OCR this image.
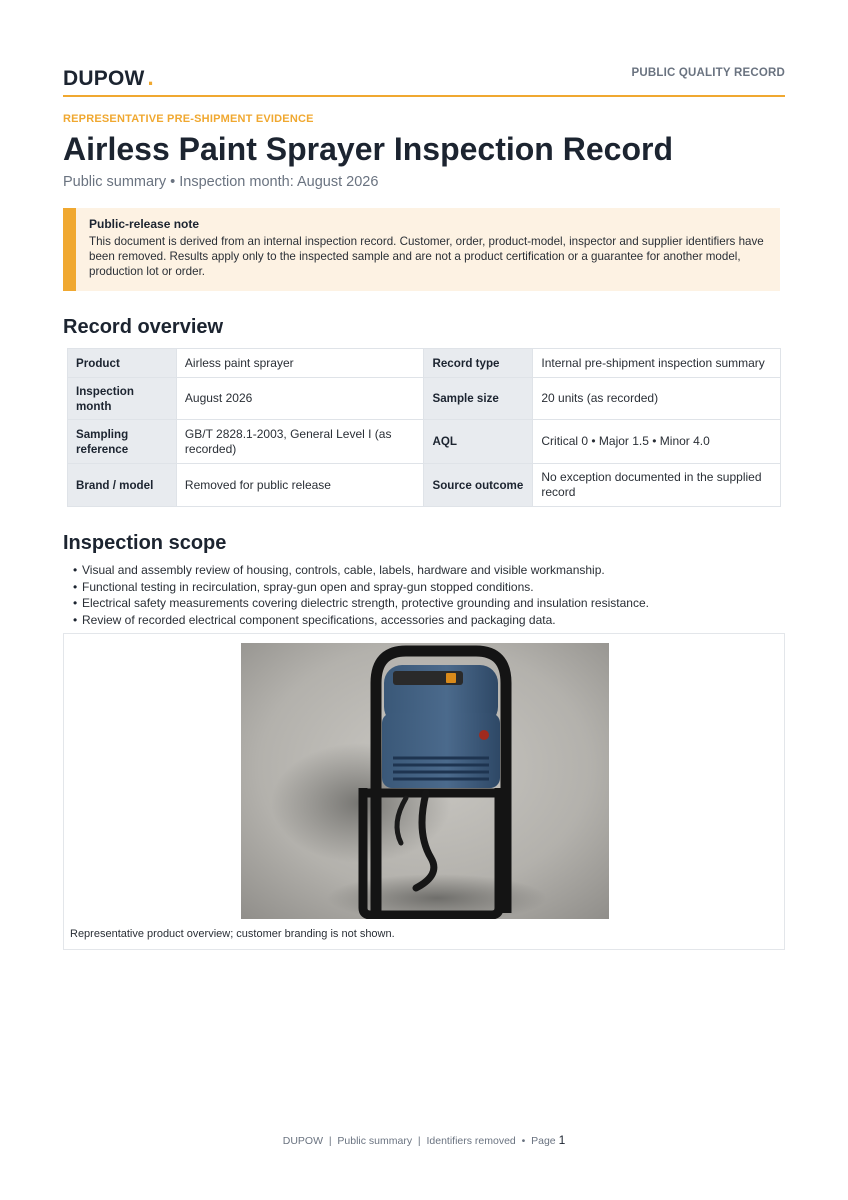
DUPOW .	PUBLIC QUALITY RECORD
REPRESENTATIVE PRE-SHIPMENT EVIDENCE
Airless Paint Sprayer Inspection Record
Public summary • Inspection month: August 2026
Public-release note
This document is derived from an internal inspection record. Customer, order, product-model, inspector and supplier identifiers have been removed. Results apply only to the inspected sample and are not a product certification or a guarantee for another model, production lot or order.
Record overview
Product	Airless paint sprayer	Record type	Internal pre-shipment inspection summary
Inspection month	August 2026	Sample size	20 units (as recorded)
Sampling reference	GB/T 2828.1-2003, General Level I (as recorded)	AQL	Critical 0 • Major 1.5 • Minor 4.0
Brand / model	Removed for public release	Source outcome	No exception documented in the supplied record
Inspection scope
• Visual and assembly review of housing, controls, cable, labels, hardware and visible workmanship.
• Functional testing in recirculation, spray-gun open and spray-gun stopped conditions.
• Electrical safety measurements covering dielectric strength, protective grounding and insulation resistance.
• Review of recorded electrical component specifications, accessories and packaging data.
Representative product overview; customer branding is not shown.
DUPOW  |  Public summary  |  Identifiers removed  •  Page 1
